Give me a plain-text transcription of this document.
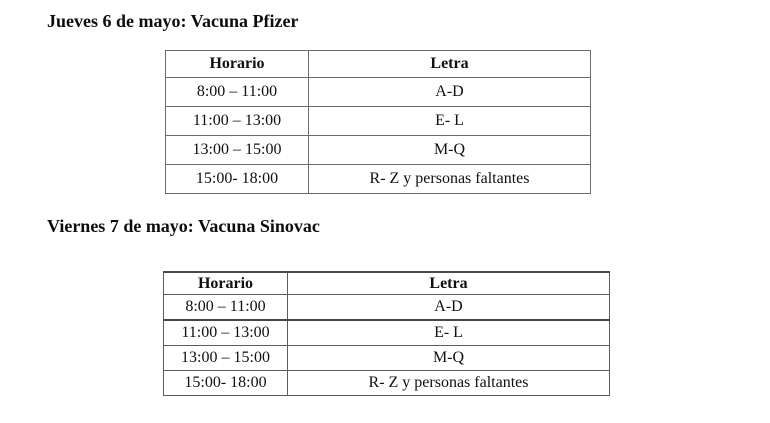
Jueves 6 de mayo: Vacuna Pfizer
Horario	Letra
8:00 – 11:00	A-D
11:00 – 13:00	E- L
13:00 – 15:00	M-Q
15:00- 18:00	R- Z y personas faltantes
Viernes 7 de mayo: Vacuna Sinovac
Horario	Letra
8:00 – 11:00	A-D
11:00 – 13:00	E- L
13:00 – 15:00	M-Q
15:00- 18:00	R- Z y personas faltantes
